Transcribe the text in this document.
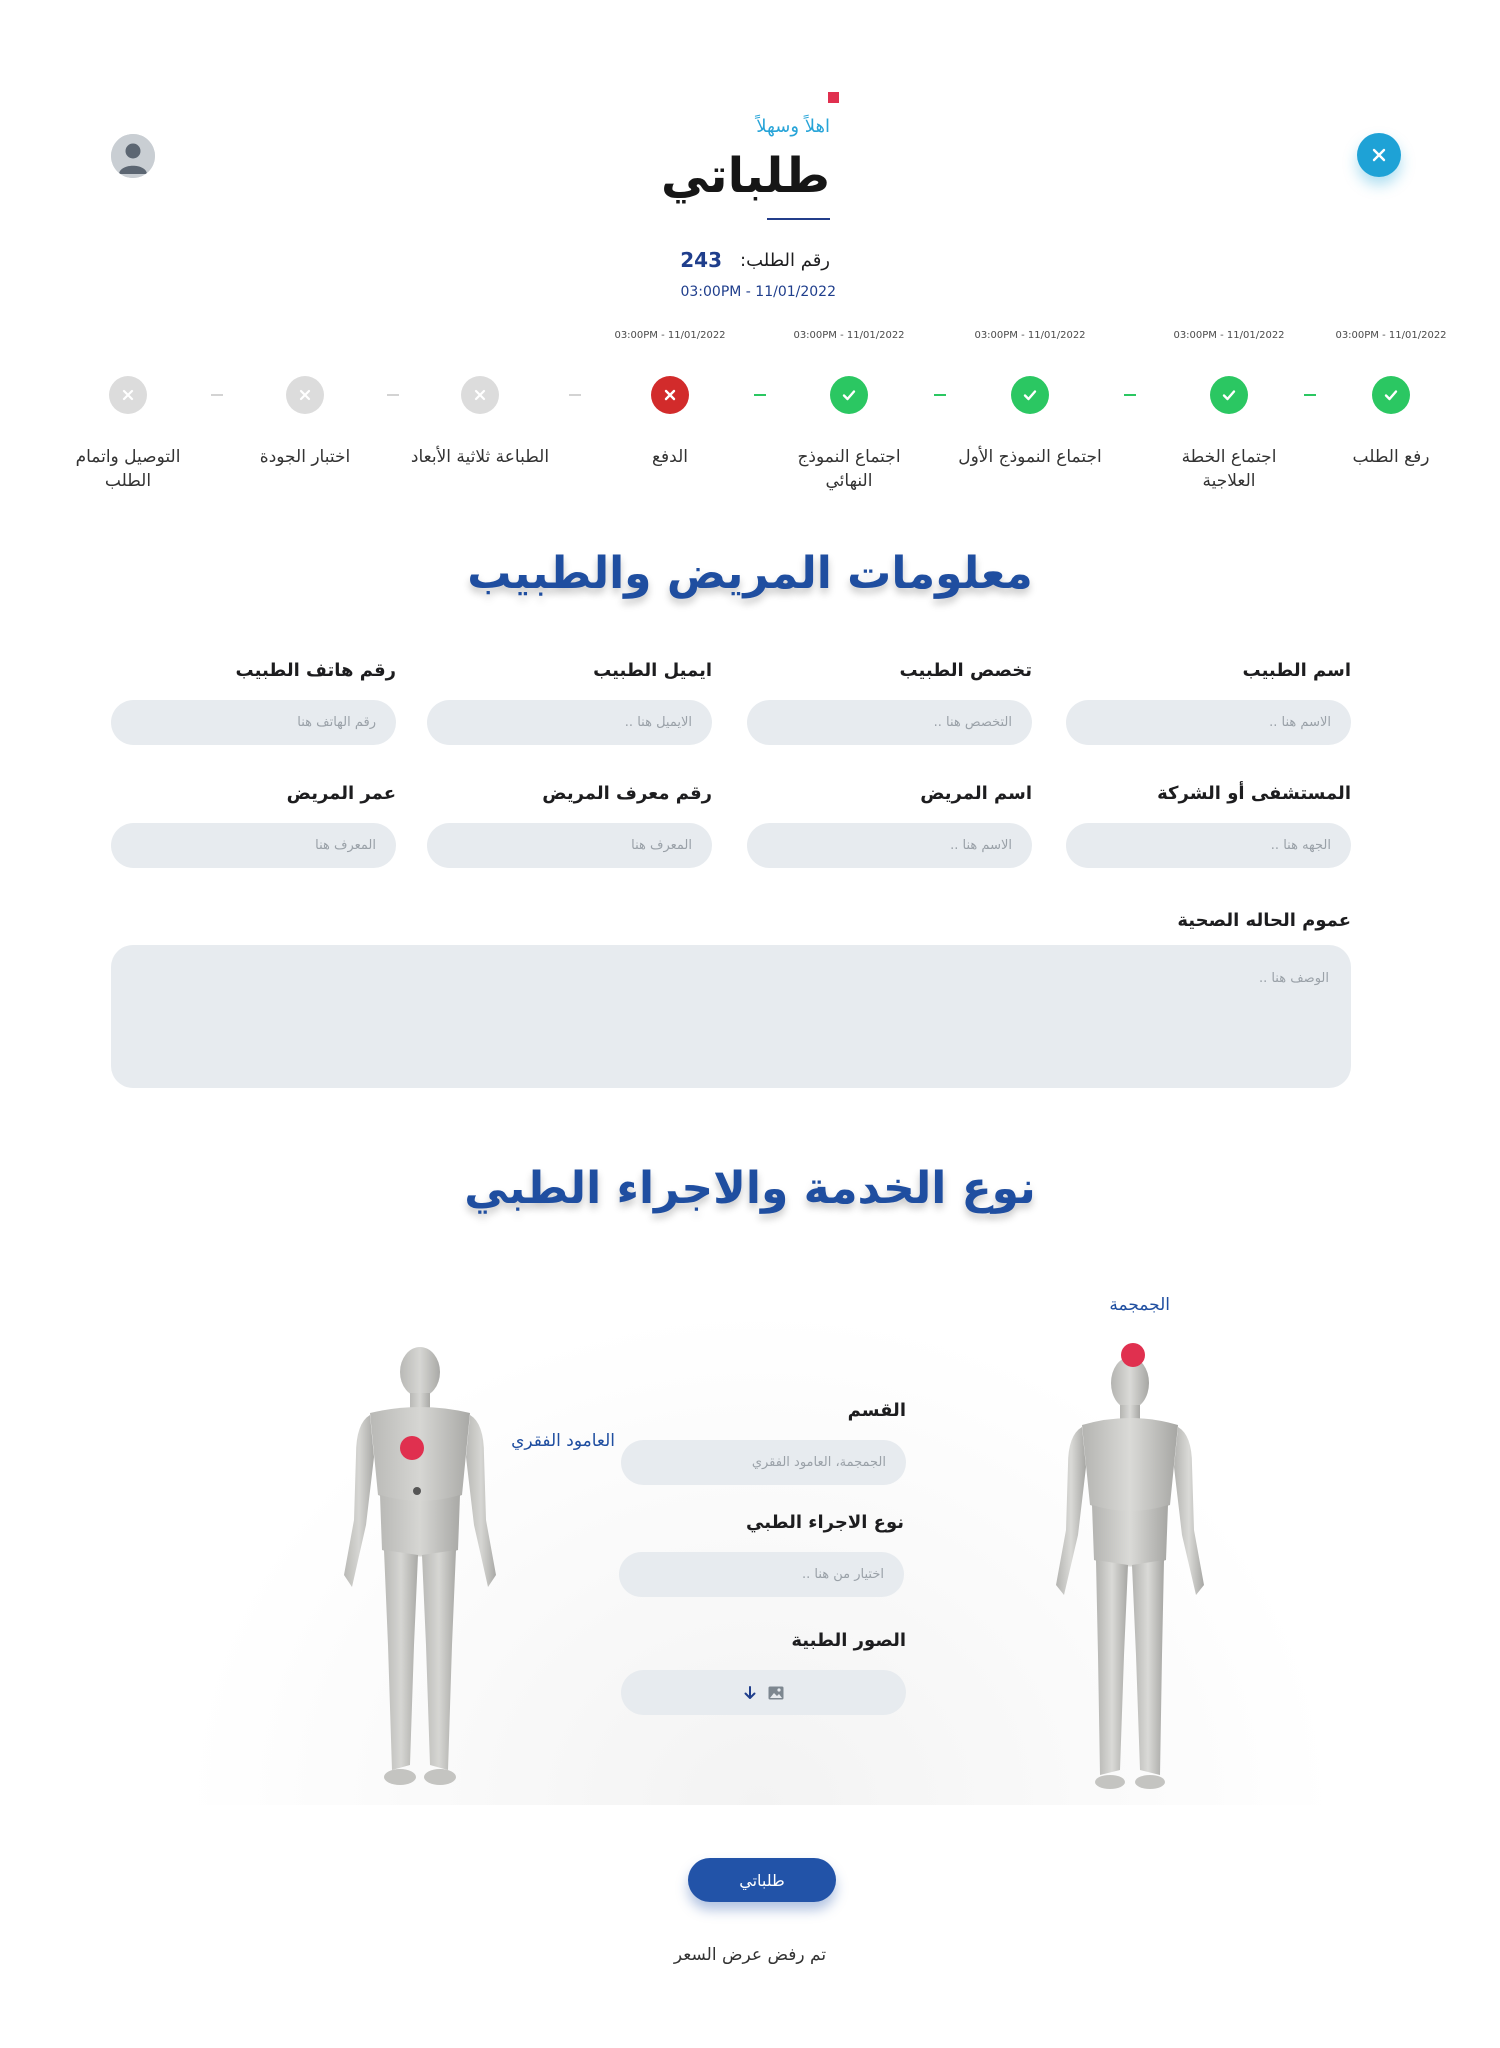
اهلاً وسهلاً
طلباتي
رقم الطلب:
243
11/01/2022 - 03:00PM
11/01/2022 - 03:00PM
رفع الطلب
11/01/2022 - 03:00PM
اجتماع الخطة العلاجية
11/01/2022 - 03:00PM
اجتماع النموذج الأول
11/01/2022 - 03:00PM
اجتماع النموذج النهائي
11/01/2022 - 03:00PM
الدفع
الطباعة ثلاثية الأبعاد
اختبار الجودة
التوصيل واتمام الطلب
معلومات المريض والطبيب
اسم الطبيب
الاسم هنا ..
تخصص الطبيب
التخصص هنا ..
ايميل الطبيب
الايميل هنا ..
رقم هاتف الطبيب
رقم الهاتف هنا
المستشفى أو الشركة
الجهه هنا ..
اسم المريض
الاسم هنا ..
رقم معرف المريض
المعرف هنا
عمر المريض
المعرف هنا
عموم الحاله الصحية
الوصف هنا ..
نوع الخدمة والاجراء الطبي
الجمجمة
العامود الفقري
القسم
الجمجمة، العامود الفقري
نوع الاجراء الطبي
اختيار من هنا ..
الصور الطبية
طلباتي
تم رفض عرض السعر
